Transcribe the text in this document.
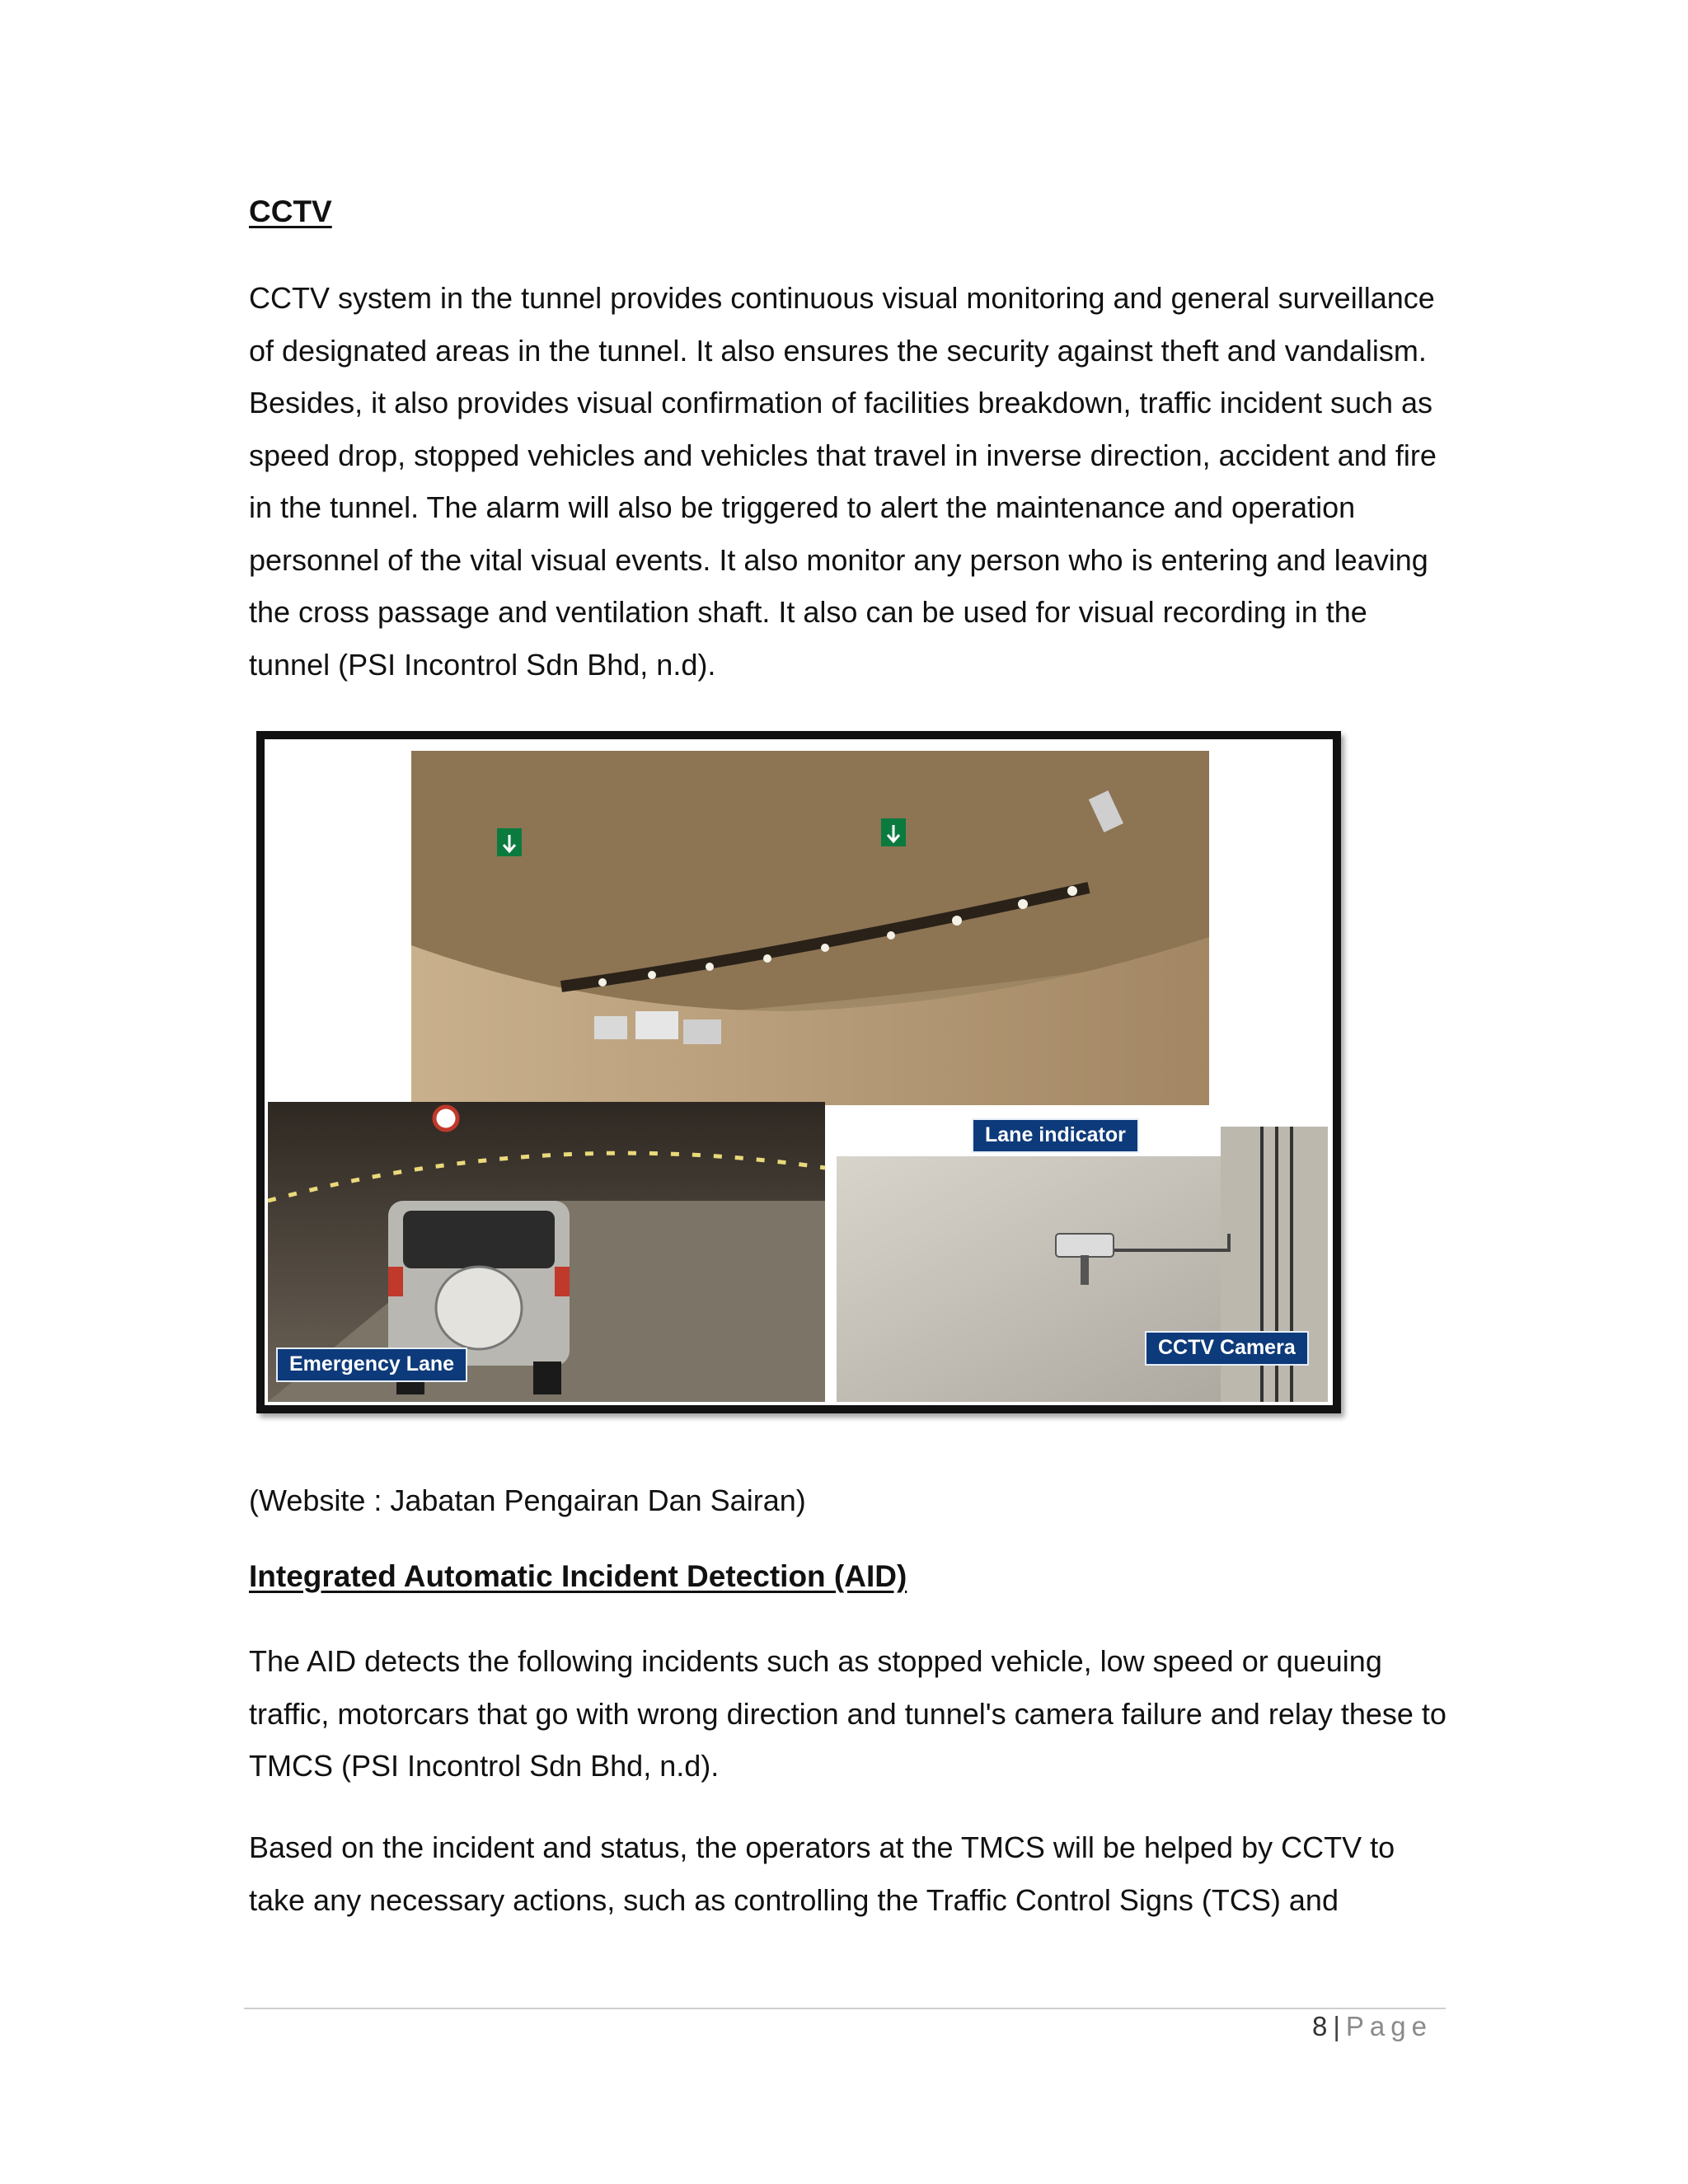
CCTV

CCTV system in the tunnel provides continuous visual monitoring and general surveillance of designated areas in the tunnel. It also ensures the security against theft and vandalism. Besides, it also provides visual confirmation of facilities breakdown, traffic incident such as speed drop, stopped vehicles and vehicles that travel in inverse direction, accident and fire in the tunnel. The alarm will also be triggered to alert the maintenance and operation personnel of the vital visual events. It also monitor any person who is entering and leaving the cross passage and ventilation shaft. It also can be used for visual recording in the tunnel (PSI Incontrol Sdn Bhd, n.d).

Lane indicator
Emergency Lane
CCTV Camera

(Website : Jabatan Pengairan Dan Sairan)

Integrated Automatic Incident Detection (AID)

The AID detects the following incidents such as stopped vehicle, low speed or queuing traffic, motorcars that go with wrong direction and tunnel's camera failure and relay these to TMCS (PSI Incontrol Sdn Bhd, n.d).

Based on the incident and status, the operators at the TMCS will be helped by CCTV to take any necessary actions, such as controlling the Traffic Control Signs (TCS) and

8 | Page
